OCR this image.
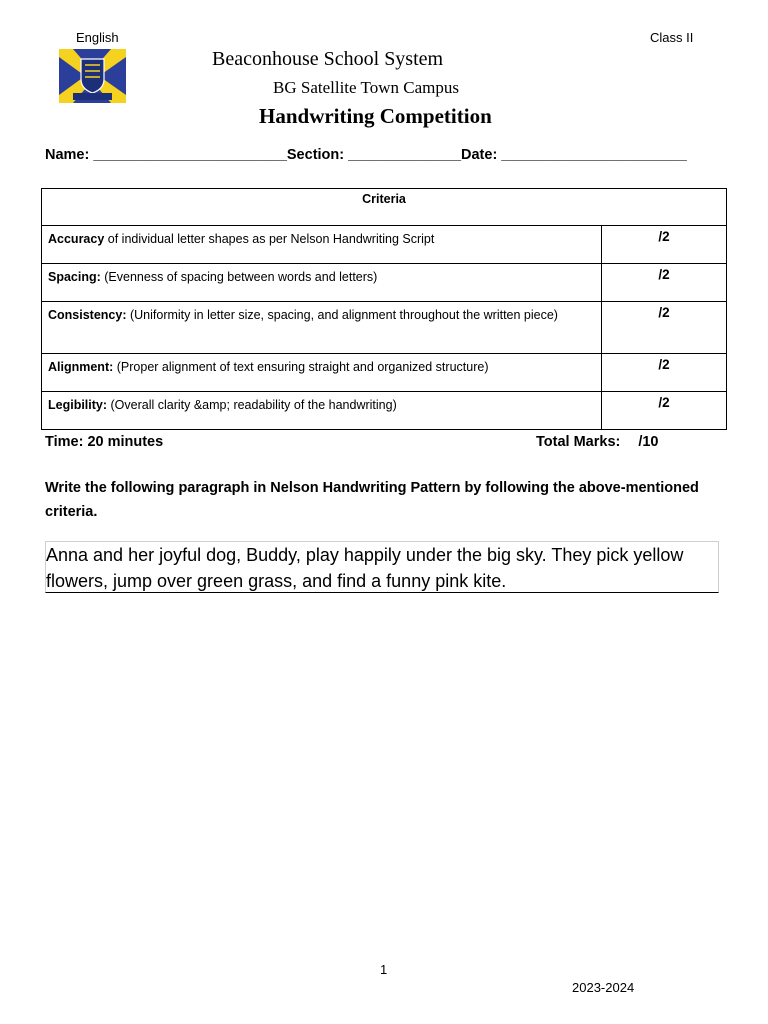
English	Class II
Beaconhouse School System
BG Satellite Town Campus
Handwriting Competition
Name: ________________________Section: ______________Date: _______________________
Criteria	
Accuracy of individual letter shapes as per Nelson Handwriting Script	/2
Spacing: (Evenness of spacing between words and letters)	/2
Consistency: (Uniformity in letter size, spacing, and alignment throughout the written piece)	/2
Alignment: (Proper alignment of text ensuring straight and organized structure)	/2
Legibility: (Overall clarity &amp; readability of the handwriting)	/2
Time: 20 minutes	Total Marks: /10
Write the following paragraph in Nelson Handwriting Pattern by following the above-mentioned criteria.
Anna and her joyful dog, Buddy, play happily under the big sky. They pick yellow flowers, jump over green grass, and find a funny pink kite.
1
2023-2024
